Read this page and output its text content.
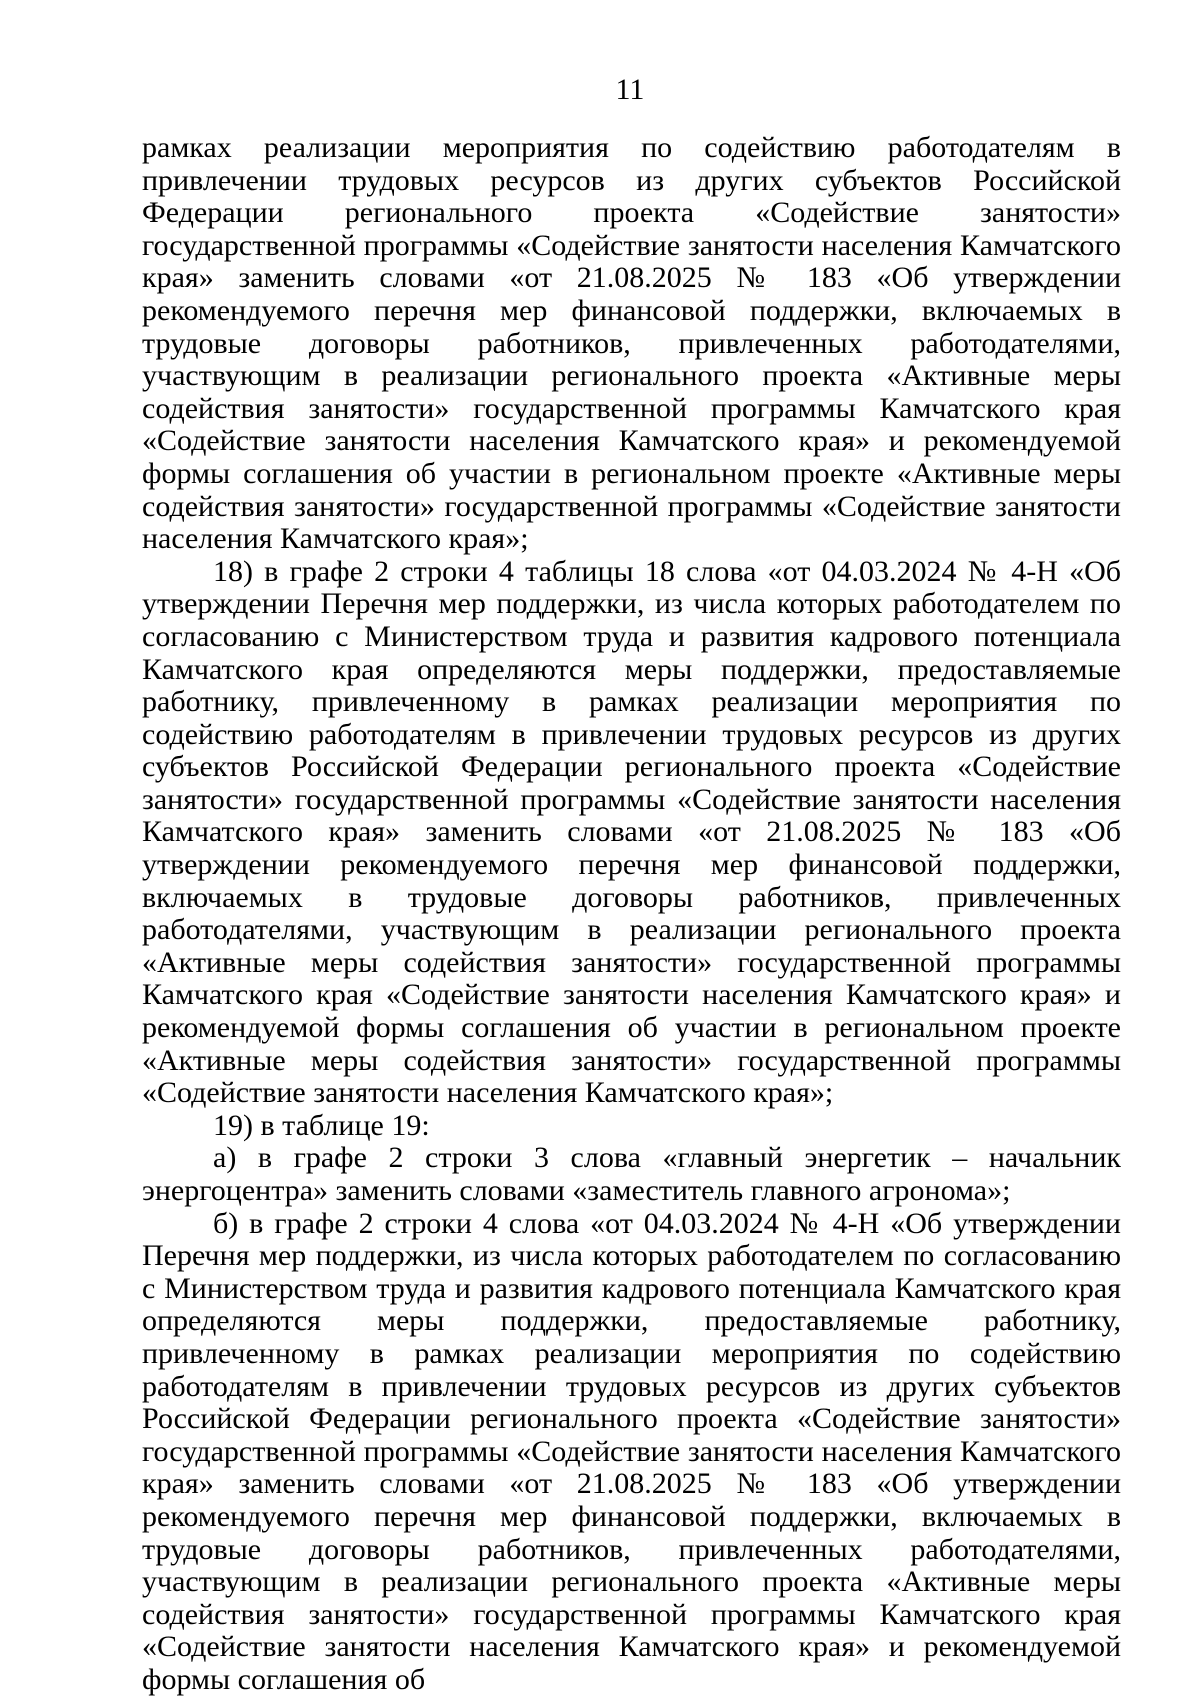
11

рамках реализации мероприятия по содействию работодателям в привлечении трудовых ресурсов из других субъектов Российской Федерации регионального проекта «Содействие занятости» государственной программы «Содействие занятости населения Камчатского края» заменить словами «от 21.08.2025 № 183 «Об утверждении рекомендуемого перечня мер финансовой поддержки, включаемых в трудовые договоры работников, привлеченных работодателями, участвующим в реализации регионального проекта «Активные меры содействия занятости» государственной программы Камчатского края «Содействие занятости населения Камчатского края» и рекомендуемой формы соглашения об участии в региональном проекте «Активные меры содействия занятости» государственной программы «Содействие занятости населения Камчатского края»;

18) в графе 2 строки 4 таблицы 18 слова «от 04.03.2024 № 4-Н «Об утверждении Перечня мер поддержки, из числа которых работодателем по согласованию с Министерством труда и развития кадрового потенциала Камчатского края определяются меры поддержки, предоставляемые работнику, привлеченному в рамках реализации мероприятия по содействию работодателям в привлечении трудовых ресурсов из других субъектов Российской Федерации регионального проекта «Содействие занятости» государственной программы «Содействие занятости населения Камчатского края» заменить словами «от 21.08.2025 № 183 «Об утверждении рекомендуемого перечня мер финансовой поддержки, включаемых в трудовые договоры работников, привлеченных работодателями, участвующим в реализации регионального проекта «Активные меры содействия занятости» государственной программы Камчатского края «Содействие занятости населения Камчатского края» и рекомендуемой формы соглашения об участии в региональном проекте «Активные меры содействия занятости» государственной программы «Содействие занятости населения Камчатского края»;

19) в таблице 19:

а) в графе 2 строки 3 слова «главный энергетик – начальник энергоцентра» заменить словами «заместитель главного агронома»;

б) в графе 2 строки 4 слова «от 04.03.2024 № 4-Н «Об утверждении Перечня мер поддержки, из числа которых работодателем по согласованию с Министерством труда и развития кадрового потенциала Камчатского края определяются меры поддержки, предоставляемые работнику, привлеченному в рамках реализации мероприятия по содействию работодателям в привлечении трудовых ресурсов из других субъектов Российской Федерации регионального проекта «Содействие занятости» государственной программы «Содействие занятости населения Камчатского края» заменить словами «от 21.08.2025 № 183 «Об утверждении рекомендуемого перечня мер финансовой поддержки, включаемых в трудовые договоры работников, привлеченных работодателями, участвующим в реализации регионального проекта «Активные меры содействия занятости» государственной программы Камчатского края «Содействие занятости населения Камчатского края» и рекомендуемой формы соглашения об
